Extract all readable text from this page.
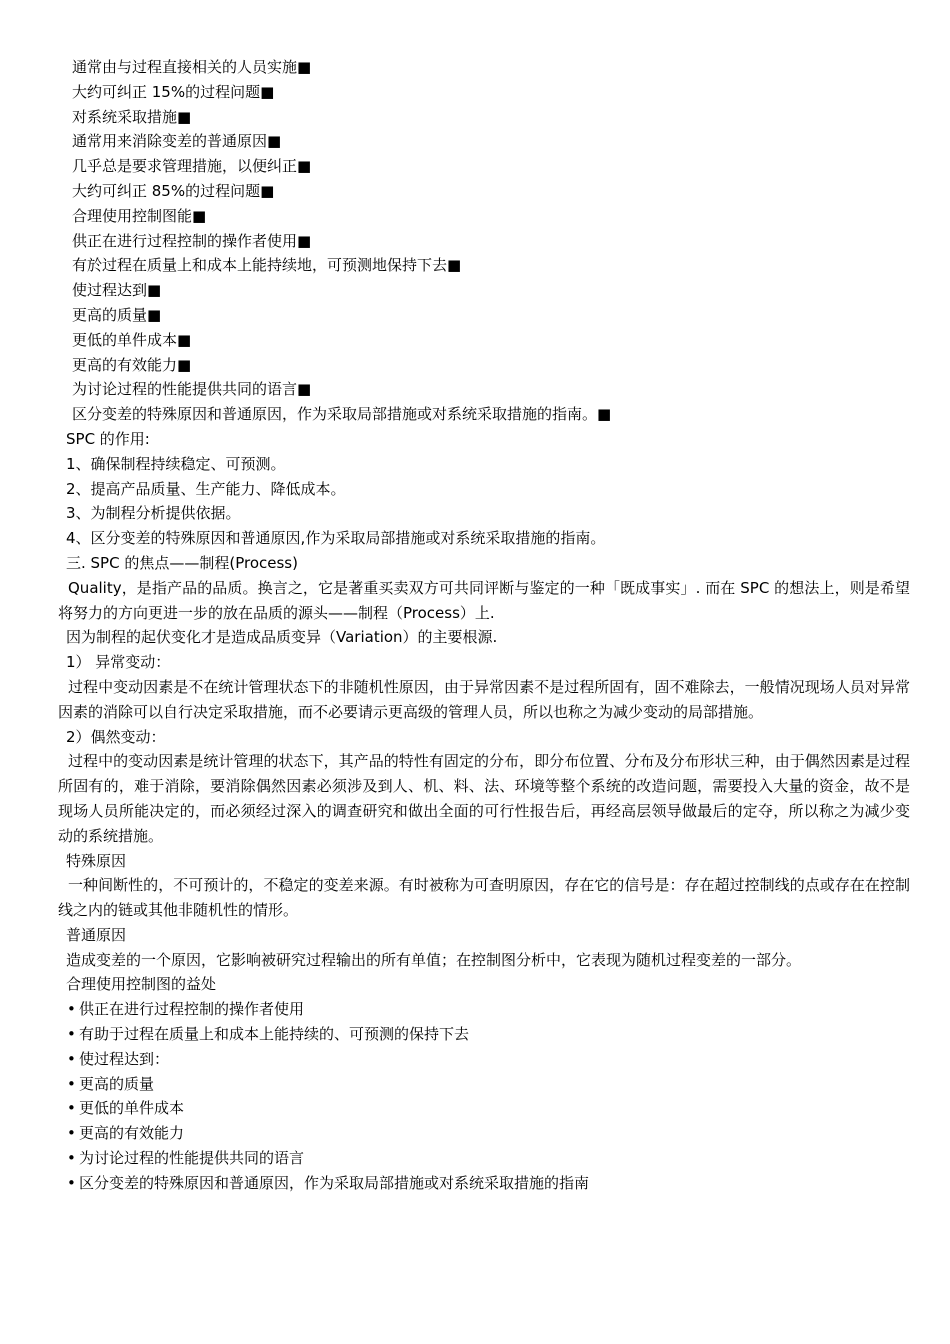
通常由与过程直接相关的人员实施■
大约可纠正 15%的过程问题■
对系统采取措施■
通常用来消除变差的普通原因■
几乎总是要求管理措施，以便纠正■
大约可纠正 85%的过程问题■
合理使用控制图能■
供正在进行过程控制的操作者使用■
有於过程在质量上和成本上能持续地，可预测地保持下去■
使过程达到■
更高的质量■
更低的单件成本■
更高的有效能力■
为讨论过程的性能提供共同的语言■
区分变差的特殊原因和普通原因，作为采取局部措施或对系统采取措施的指南。■
SPC 的作用:
1、确保制程持续稳定、可预测。
2、提高产品质量、生产能力、降低成本。
3、为制程分析提供依据。
4、区分变差的特殊原因和普通原因,作为采取局部措施或对系统采取措施的指南。
三. SPC 的焦点——制程(Process)
Quality，是指产品的品质。换言之，它是著重买卖双方可共同评断与鉴定的一种「既成事实」. 而在 SPC 的想法上，则是希望将努力的方向更进一步的放在品质的源头——制程（Process）上.
因为制程的起伏变化才是造成品质变异（Variation）的主要根源.
1） 异常变动：
过程中变动因素是不在统计管理状态下的非随机性原因，由于异常因素不是过程所固有，固不难除去，一般情况现场人员对异常因素的消除可以自行决定采取措施，而不必要请示更高级的管理人员，所以也称之为减少变动的局部措施。
2）偶然变动：
过程中的变动因素是统计管理的状态下，其产品的特性有固定的分布，即分布位置、分布及分布形状三种，由于偶然因素是过程所固有的，难于消除，要消除偶然因素必须涉及到人、机、料、法、环境等整个系统的改造问题，需要投入大量的资金，故不是现场人员所能决定的，而必须经过深入的调查研究和做出全面的可行性报告后，再经高层领导做最后的定夺，所以称之为减少变动的系统措施。
特殊原因
一种间断性的，不可预计的，不稳定的变差来源。有时被称为可查明原因，存在它的信号是：存在超过控制线的点或存在在控制线之内的链或其他非随机性的情形。
普通原因
造成变差的一个原因，它影响被研究过程输出的所有单值；在控制图分析中，它表现为随机过程变差的一部分。
合理使用控制图的益处
• 供正在进行过程控制的操作者使用
• 有助于过程在质量上和成本上能持续的、可预测的保持下去
• 使过程达到：
• 更高的质量
• 更低的单件成本
• 更高的有效能力
• 为讨论过程的性能提供共同的语言
• 区分变差的特殊原因和普通原因，作为采取局部措施或对系统采取措施的指南
